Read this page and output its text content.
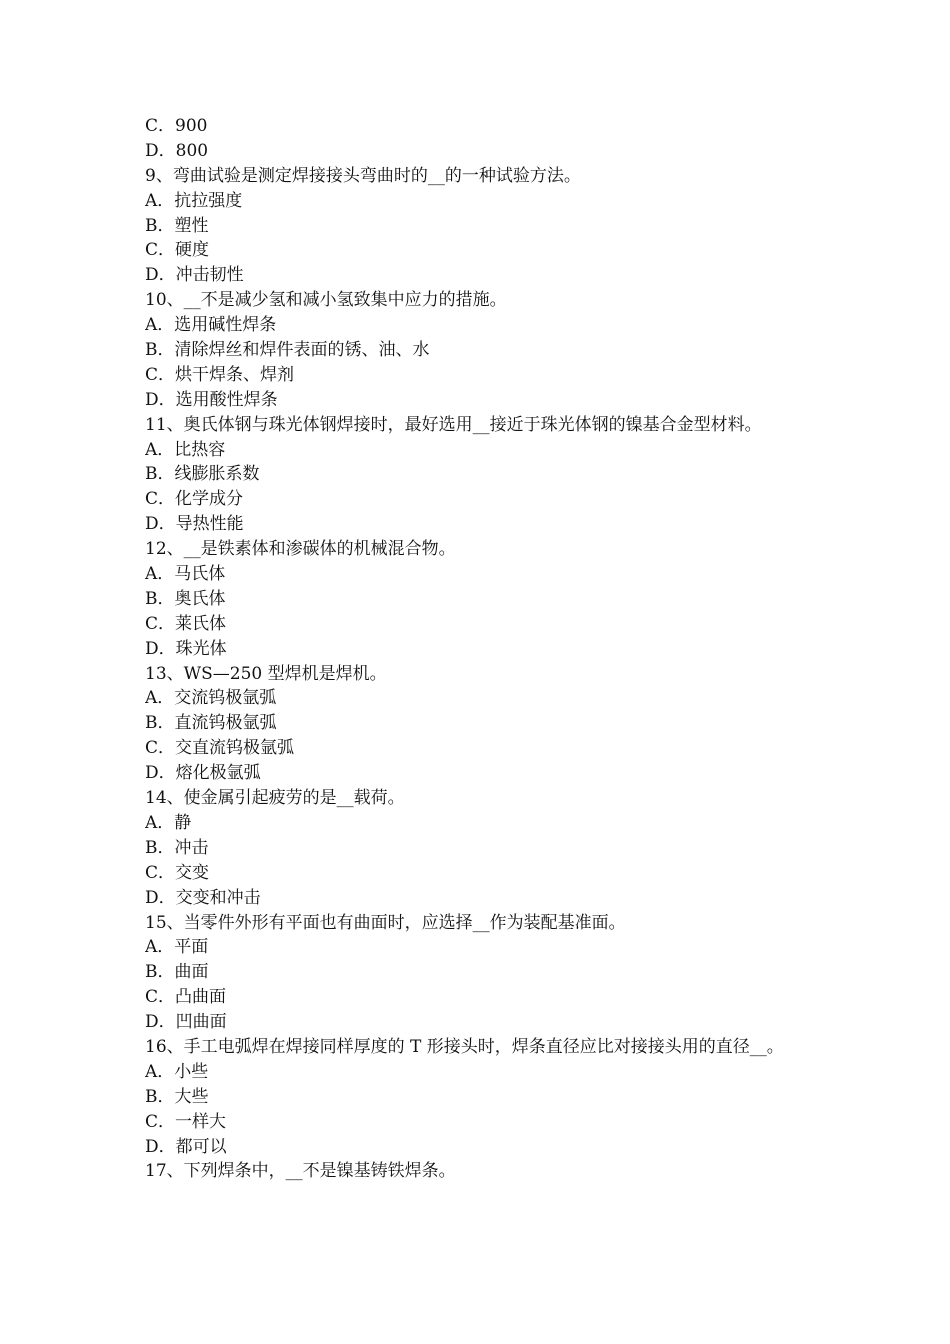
C．900
D．800
9、弯曲试验是测定焊接接头弯曲时的__的一种试验方法。
A．抗拉强度
B．塑性
C．硬度
D．冲击韧性
10、__不是减少氢和减小氢致集中应力的措施。
A．选用碱性焊条
B．清除焊丝和焊件表面的锈、油、水
C．烘干焊条、焊剂
D．选用酸性焊条
11、奥氏体钢与珠光体钢焊接时，最好选用__接近于珠光体钢的镍基合金型材料。
A．比热容
B．线膨胀系数
C．化学成分
D．导热性能
12、__是铁素体和渗碳体的机械混合物。
A．马氏体
B．奥氏体
C．莱氏体
D．珠光体
13、WS—250 型焊机是焊机。
A．交流钨极氩弧
B．直流钨极氩弧
C．交直流钨极氩弧
D．熔化极氩弧
14、使金属引起疲劳的是__载荷。
A．静
B．冲击
C．交变
D．交变和冲击
15、当零件外形有平面也有曲面时，应选择__作为装配基准面。
A．平面
B．曲面
C．凸曲面
D．凹曲面
16、手工电弧焊在焊接同样厚度的 T 形接头时，焊条直径应比对接接头用的直径__。
A．小些
B．大些
C．一样大
D．都可以
17、下列焊条中，__不是镍基铸铁焊条。
